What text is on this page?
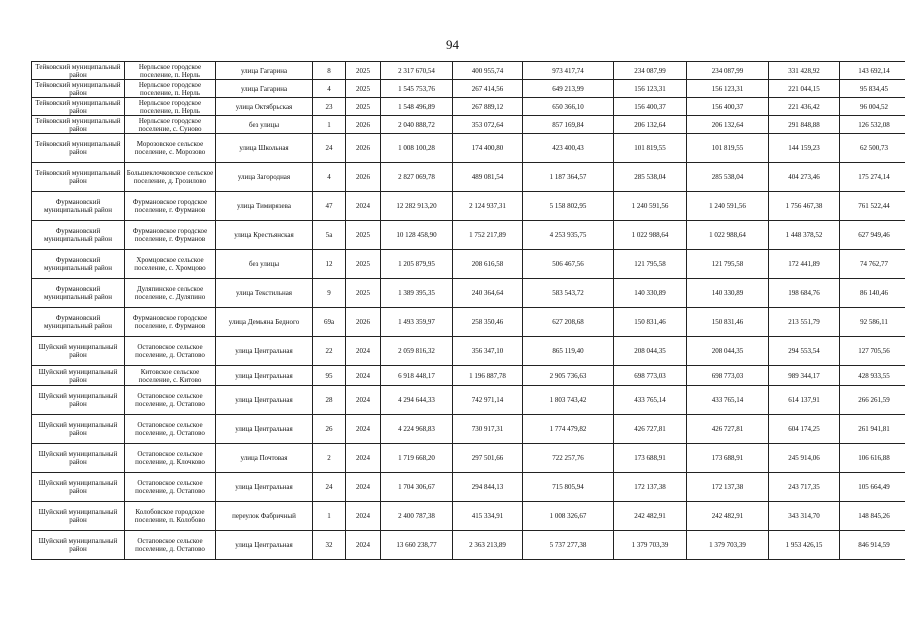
94
Тейковский муниципальный район	Нерльское городское поселение, п. Нерль	улица Гагарина	8	2025	2 317 670,54	400 955,74	973 417,74	234 087,99	234 087,99	331 428,92	143 692,14
Тейковский муниципальный район	Нерльское городское поселение, п. Нерль	улица Гагарина	4	2025	1 545 753,76	267 414,56	649 213,99	156 123,31	156 123,31	221 044,15	95 834,45
Тейковский муниципальный район	Нерльское городское поселение, п. Нерль	улица Октябрьская	23	2025	1 548 496,89	267 889,12	650 366,10	156 400,37	156 400,37	221 436,42	96 004,52
Тейковский муниципальный район	Нерльское городское поселение, с. Суново	без улицы	1	2026	2 040 888,72	353 072,64	857 169,84	206 132,64	206 132,64	291 848,88	126 532,08
Тейковский муниципальный район	Морозовское сельское поселение, с. Морозово	улица Школьная	24	2026	1 008 100,28	174 400,80	423 400,43	101 819,55	101 819,55	144 159,23	62 500,73
Тейковский муниципальный район	Большеклочковское сельское поселение, д. Грозилово	улица Загородная	4	2026	2 827 069,78	489 081,54	1 187 364,57	285 538,04	285 538,04	404 273,46	175 274,14
Фурмановский муниципальный район	Фурмановское городское поселение, г. Фурманов	улица Тимирязева	47	2024	12 282 913,20	2 124 937,31	5 158 802,95	1 240 591,56	1 240 591,56	1 756 467,38	761 522,44
Фурмановский муниципальный район	Фурмановское городское поселение, г. Фурманов	улица Крестьянская	5а	2025	10 128 458,90	1 752 217,89	4 253 935,75	1 022 988,64	1 022 988,64	1 448 378,52	627 949,46
Фурмановский муниципальный район	Хромцовское сельское поселение, с. Хромцово	без улицы	12	2025	1 205 879,95	208 616,58	506 467,56	121 795,58	121 795,58	172 441,89	74 762,77
Фурмановский муниципальный район	Дуляпинское сельское поселение, с. Дуляпино	улица Текстильная	9	2025	1 389 395,35	240 364,64	583 543,72	140 330,89	140 330,89	198 684,76	86 140,46
Фурмановский муниципальный район	Фурмановское городское поселение, г. Фурманов	улица Демьяна Бедного	69а	2026	1 493 359,97	258 350,46	627 208,68	150 831,46	150 831,46	213 551,79	92 586,11
Шуйский муниципальный район	Остаповское сельское поселение, д. Остапово	улица Центральная	22	2024	2 059 816,32	356 347,10	865 119,40	208 044,35	208 044,35	294 553,54	127 705,56
Шуйский муниципальный район	Китовское сельское поселение, с. Китово	улица Центральная	95	2024	6 918 448,17	1 196 887,78	2 905 736,63	698 773,03	698 773,03	989 344,17	428 933,55
Шуйский муниципальный район	Остаповское сельское поселение, д. Остапово	улица Центральная	28	2024	4 294 644,33	742 971,14	1 803 743,42	433 765,14	433 765,14	614 137,91	266 261,59
Шуйский муниципальный район	Остаповское сельское поселение, д. Остапово	улица Центральная	26	2024	4 224 968,83	730 917,31	1 774 479,82	426 727,81	426 727,81	604 174,25	261 941,81
Шуйский муниципальный район	Остаповское сельское поселение, д. Клочково	улица Почтовая	2	2024	1 719 668,20	297 501,66	722 257,76	173 688,91	173 688,91	245 914,06	106 616,88
Шуйский муниципальный район	Остаповское сельское поселение, д. Остапово	улица Центральная	24	2024	1 704 306,67	294 844,13	715 805,94	172 137,38	172 137,38	243 717,35	105 664,49
Шуйский муниципальный район	Колобовское городское поселение, п. Колобово	переулок Фабричный	1	2024	2 400 787,38	415 334,91	1 008 326,67	242 482,91	242 482,91	343 314,70	148 845,26
Шуйский муниципальный район	Остаповское сельское поселение, д. Остапово	улица Центральная	32	2024	13 660 238,77	2 363 213,89	5 737 277,38	1 379 703,39	1 379 703,39	1 953 426,15	846 914,59
